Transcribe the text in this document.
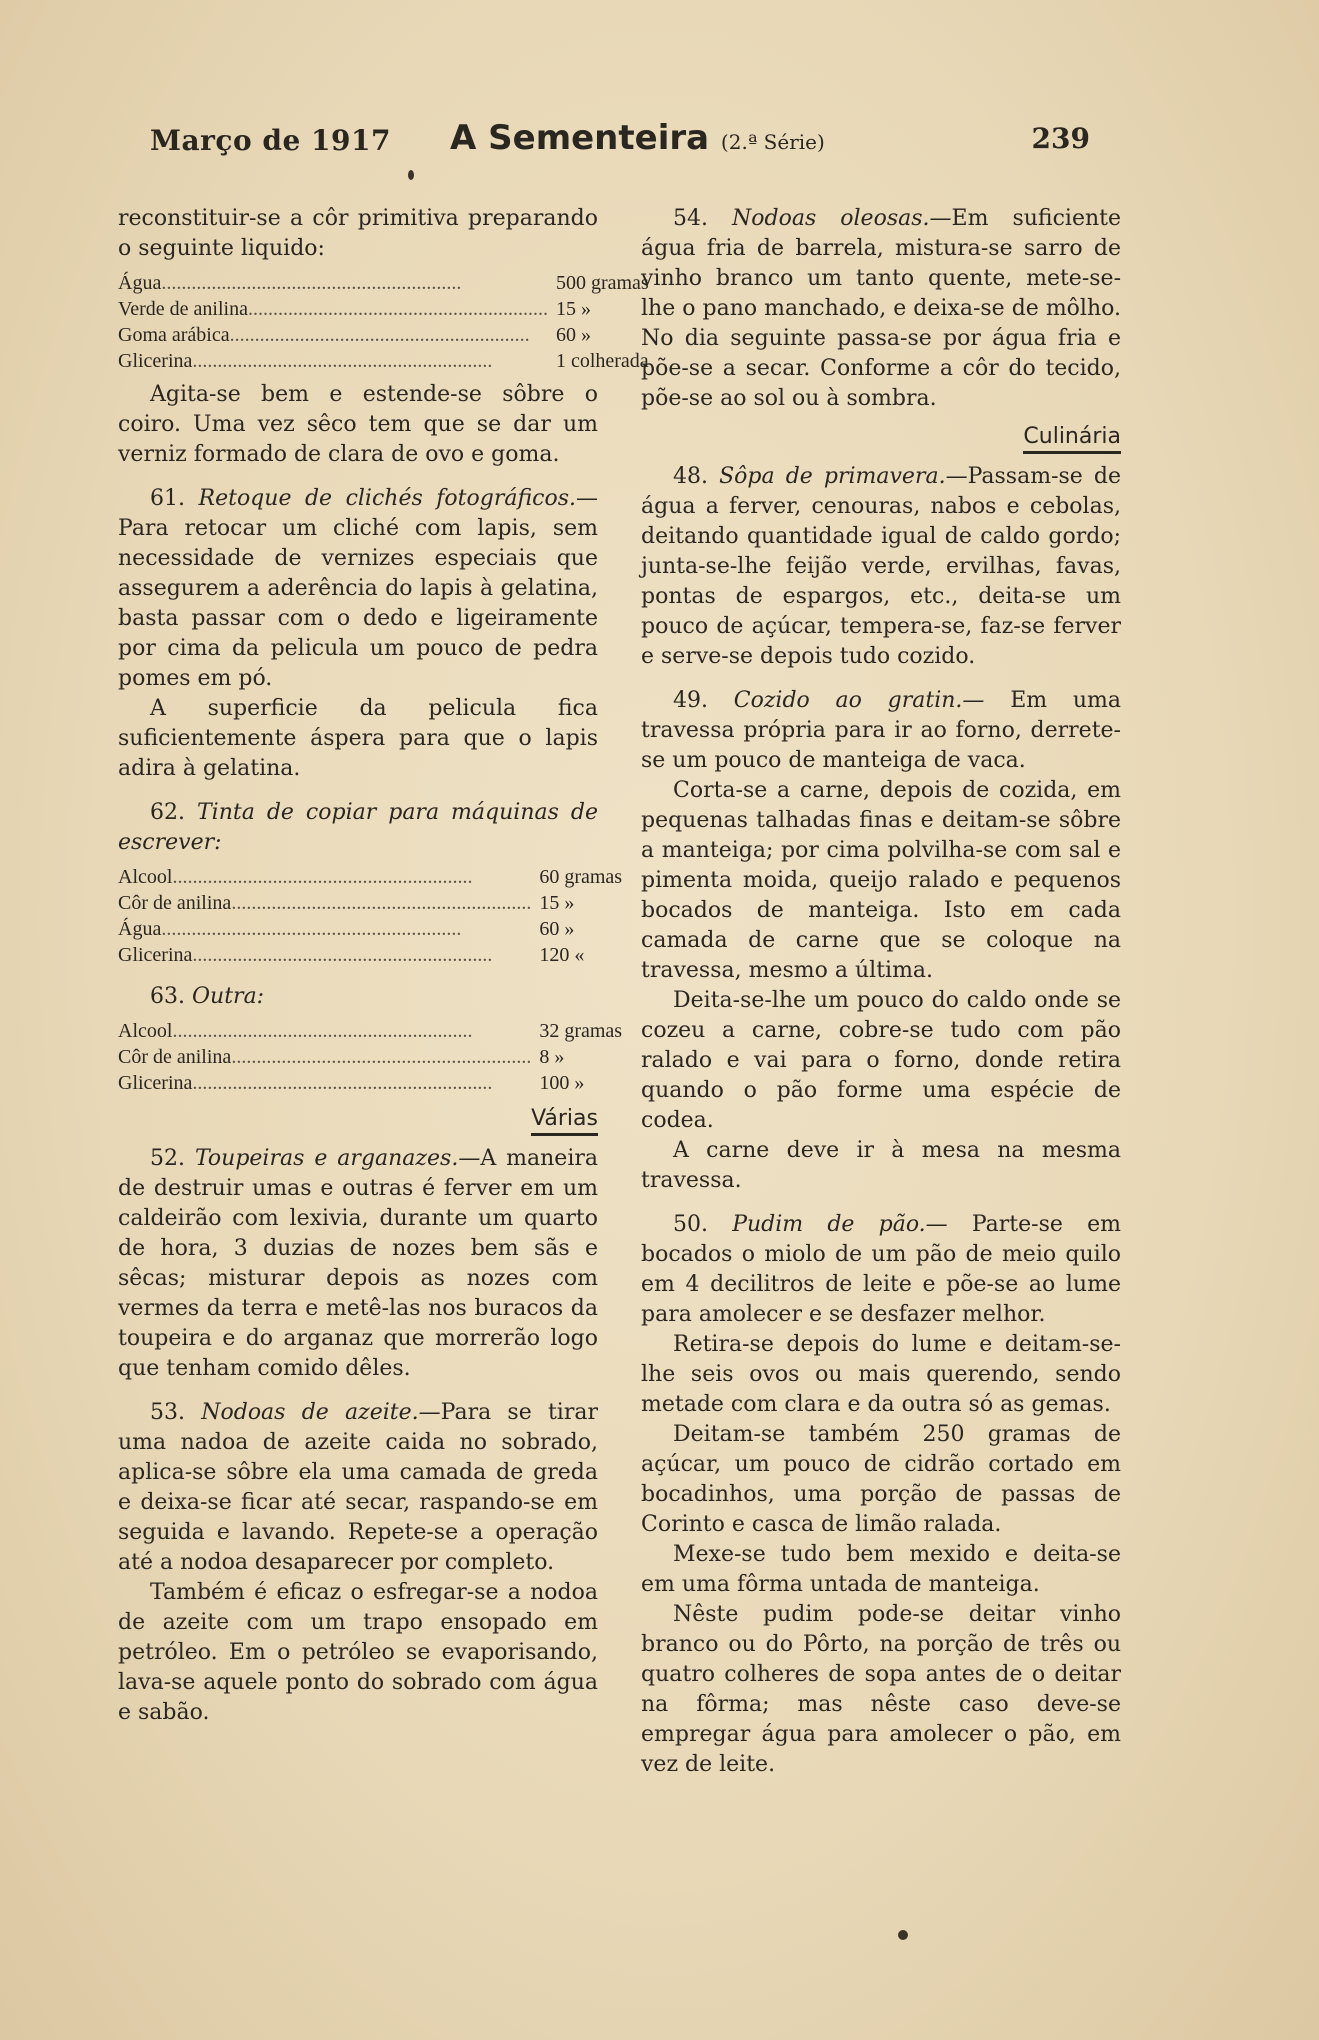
Março de 1917 A Sementeira (2.ª Série)	239

reconstituir-se a côr primitiva preparando o seguinte liquido:

Água............................................................	500 gramas
Verde de anilina............................................................	15 »
Goma arábica............................................................	60 »
Glicerina............................................................	1 colherada

Agita-se bem e estende-se sôbre o coiro. Uma vez sêco tem que se dar um verniz formado de clara de ovo e goma.

61. Retoque de clichés fotográficos.— Para retocar um cliché com lapis, sem necessidade de vernizes especiais que assegurem a aderência do lapis à gelatina, basta passar com o dedo e ligeiramente por cima da pelicula um pouco de pedra pomes em pó.

A superficie da pelicula fica suficientemente áspera para que o lapis adira à gelatina.

62. Tinta de copiar para máquinas de escrever:

Alcool............................................................	60 gramas
Côr de anilina............................................................	15 »
Água............................................................	60 »
Glicerina............................................................	120 «

63. Outra:

Alcool............................................................	32 gramas
Côr de anilina............................................................	8 »
Glicerina............................................................	100 »
Várias

52. Toupeiras e arganazes.—A maneira de destruir umas e outras é ferver em um caldeirão com lexivia, durante um quarto de hora, 3 duzias de nozes bem sãs e sêcas; misturar depois as nozes com vermes da terra e metê-las nos buracos da toupeira e do arganaz que morrerão logo que tenham comido dêles.

53. Nodoas de azeite.—Para se tirar uma nadoa de azeite caida no sobrado, aplica-se sôbre ela uma camada de greda e deixa-se ficar até secar, raspando-se em seguida e lavando. Repete-se a operação até a nodoa desaparecer por completo.

Também é eficaz o esfregar-se a nodoa de azeite com um trapo ensopado em petróleo. Em o petróleo se evaporisando, lava-se aquele ponto do sobrado com água e sabão.

54. Nodoas oleosas.—Em suficiente água fria de barrela, mistura-se sarro de vinho branco um tanto quente, mete-se-lhe o pano manchado, e deixa-se de môlho. No dia seguinte passa-se por água fria e põe-se a secar. Conforme a côr do tecido, põe-se ao sol ou à sombra.

Culinária

48. Sôpa de primavera.—Passam-se de água a ferver, cenouras, nabos e cebolas, deitando quantidade igual de caldo gordo; junta-se-lhe feijão verde, ervilhas, favas, pontas de espargos, etc., deita-se um pouco de açúcar, tempera-se, faz-se ferver e serve-se depois tudo cozido.

49. Cozido ao gratin.— Em uma travessa própria para ir ao forno, derrete-se um pouco de manteiga de vaca.

Corta-se a carne, depois de cozida, em pequenas talhadas finas e deitam-se sôbre a manteiga; por cima polvilha-se com sal e pimenta moida, queijo ralado e pequenos bocados de manteiga. Isto em cada camada de carne que se coloque na travessa, mesmo a última.

Deita-se-lhe um pouco do caldo onde se cozeu a carne, cobre-se tudo com pão ralado e vai para o forno, donde retira quando o pão forme uma espécie de codea.

A carne deve ir à mesa na mesma travessa.

50. Pudim de pão.— Parte-se em bocados o miolo de um pão de meio quilo em 4 decilitros de leite e põe-se ao lume para amolecer e se desfazer melhor.

Retira-se depois do lume e deitam-se-lhe seis ovos ou mais querendo, sendo metade com clara e da outra só as gemas.

Deitam-se também 250 gramas de açúcar, um pouco de cidrão cortado em bocadinhos, uma porção de passas de Corinto e casca de limão ralada.

Mexe-se tudo bem mexido e deita-se em uma fôrma untada de manteiga.

Nêste pudim pode-se deitar vinho branco ou do Pôrto, na porção de três ou quatro colheres de sopa antes de o deitar na fôrma; mas nêste caso deve-se empregar água para amolecer o pão, em vez de leite.
